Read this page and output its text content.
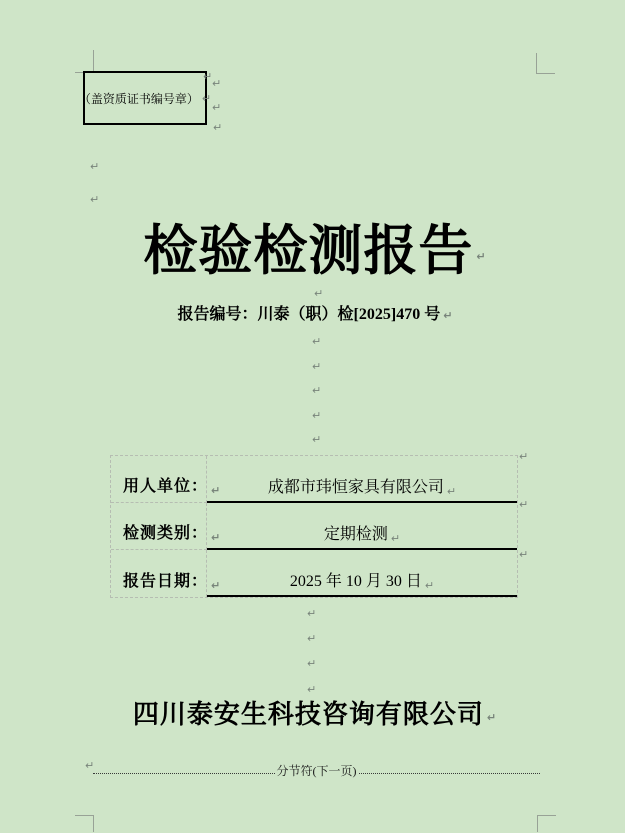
（盖资质证书编号章） ↵
↵
↵
↵
↵
↵
↵
↵
↵
↵
↵
↵
↵
↵
↵
↵
↵
↵
↵
↵
↵
检验检测报告 ↵
报告编号：川泰（职）检[2025]470 号 ↵
用人单位： ↵	成都市玮恒家具有限公司 ↵
检测类别： ↵	定期检测 ↵
报告日期： ↵	2025 年 10 月 30 日 ↵
四川泰安生科技咨询有限公司 ↵
分节符(下一页)
